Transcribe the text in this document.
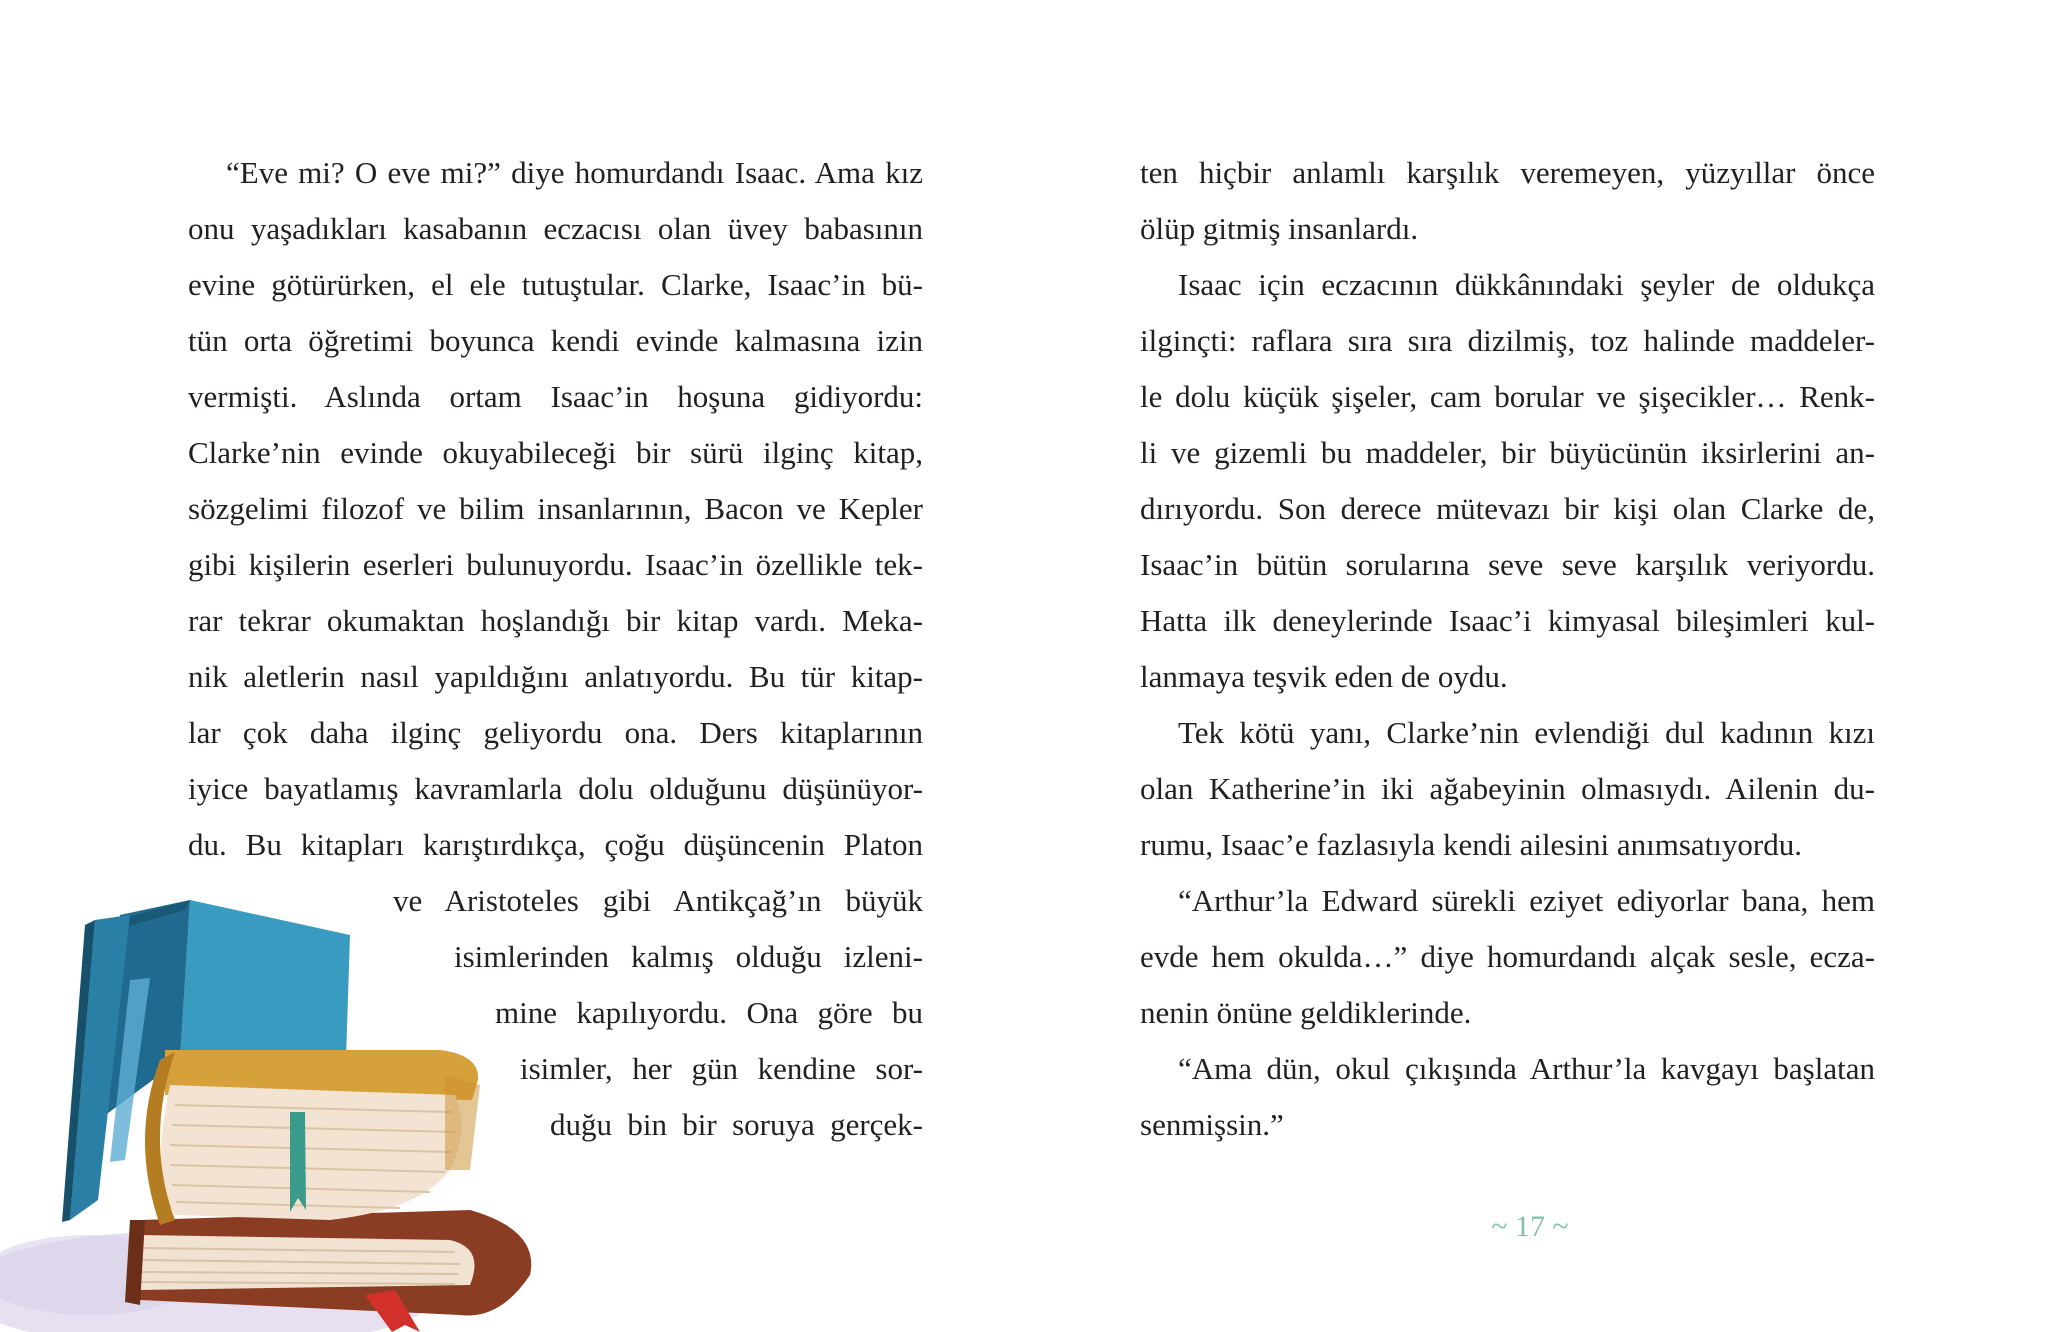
“Eve mi? O eve mi?” diye homurdandı Isaac. Ama kız
onu yaşadıkları kasabanın eczacısı olan üvey babasının
evine götürürken, el ele tutuştular. Clarke, Isaac’in bü-
tün orta öğretimi boyunca kendi evinde kalmasına izin
vermişti. Aslında ortam Isaac’in hoşuna gidiyordu:
Clarke’nin evinde okuyabileceği bir sürü ilginç kitap,
sözgelimi filozof ve bilim insanlarının, Bacon ve Kepler
gibi kişilerin eserleri bulunuyordu. Isaac’in özellikle tek-
rar tekrar okumaktan hoşlandığı bir kitap vardı. Meka-
nik aletlerin nasıl yapıldığını anlatıyordu. Bu tür kitap-
lar çok daha ilginç geliyordu ona. Ders kitaplarının
iyice bayatlamış kavramlarla dolu olduğunu düşünüyor-
du. Bu kitapları karıştırdıkça, çoğu düşüncenin Platon
ve Aristoteles gibi Antikçağ’ın büyük
isimlerinden kalmış olduğu izleni-
mine kapılıyordu. Ona göre bu
isimler, her gün kendine sor-
duğu bin bir soruya gerçek-
ten hiçbir anlamlı karşılık veremeyen, yüzyıllar önce
ölüp gitmiş insanlardı.
Isaac için eczacının dükkânındaki şeyler de oldukça
ilginçti: raflara sıra sıra dizilmiş, toz halinde maddeler-
le dolu küçük şişeler, cam borular ve şişecikler… Renk-
li ve gizemli bu maddeler, bir büyücünün iksirlerini an-
dırıyordu. Son derece mütevazı bir kişi olan Clarke de,
Isaac’in bütün sorularına seve seve karşılık veriyordu.
Hatta ilk deneylerinde Isaac’i kimyasal bileşimleri kul-
lanmaya teşvik eden de oydu.
Tek kötü yanı, Clarke’nin evlendiği dul kadının kızı
olan Katherine’in iki ağabeyinin olmasıydı. Ailenin du-
rumu, Isaac’e fazlasıyla kendi ailesini anımsatıyordu.
“Arthur’la Edward sürekli eziyet ediyorlar bana, hem
evde hem okulda…” diye homurdandı alçak sesle, ecza-
nenin önüne geldiklerinde.
“Ama dün, okul çıkışında Arthur’la kavgayı başlatan
senmişsin.”
~ 17 ~
